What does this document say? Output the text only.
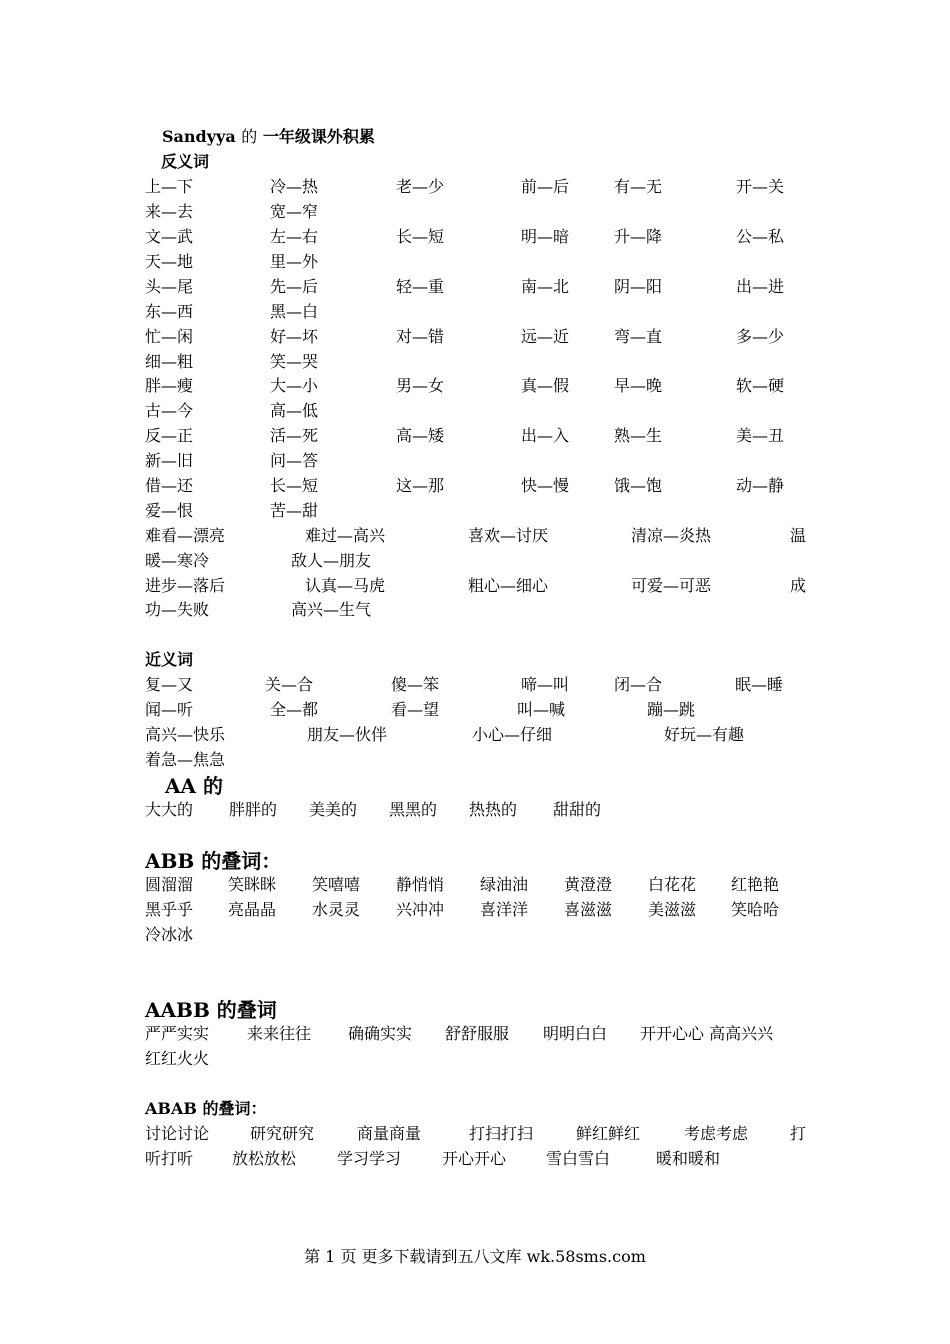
Sandyya 的 一年级课外积累
反义词
上—下	冷—热	老—少	前—后	有—无	开—关
来—去	宽—窄
文—武	左—右	长—短	明—暗	升—降	公—私
天—地	里—外
头—尾	先—后	轻—重	南—北	阴—阳	出—进
东—西	黑—白
忙—闲	好—坏	对—错	远—近	弯—直	多—少
细—粗	笑—哭
胖—瘦	大—小	男—女	真—假	早—晚	软—硬
古—今	高—低
反—正	活—死	高—矮	出—入	熟—生	美—丑
新—旧	问—答
借—还	长—短	这—那	快—慢	饿—饱	动—静
爱—恨	苦—甜
难看—漂亮	难过—高兴	喜欢—讨厌	清凉—炎热	温
暖—寒冷	敌人—朋友
进步—落后	认真—马虎	粗心—细心	可爱—可恶	成
功—失败	高兴—生气
近义词
复—又	关—合	傻—笨	啼—叫	闭—合	眠—睡
闻—听	全—都	看—望	叫—喊	蹦—跳
高兴—快乐	朋友—伙伴	小心—仔细	好玩—有趣
着急—焦急
AA 的
大大的 胖胖的 美美的 黑黑的 热热的 甜甜的
ABB 的叠词：
圆溜溜 笑眯眯 笑嘻嘻 静悄悄 绿油油 黄澄澄 白花花 红艳艳
黑乎乎 亮晶晶 水灵灵 兴冲冲 喜洋洋 喜滋滋 美滋滋 笑哈哈
冷冰冰
AABB 的叠词
严严实实 来来往往 确确实实 舒舒服服 明明白白 开开心心 高高兴兴
红红火火
ABAB 的叠词：
讨论讨论	研究研究	商量商量	打扫打扫	鲜红鲜红	考虑考虑	打
听打听 放松放松	学习学习	开心开心 雪白雪白	暖和暖和
第 1 页 更多下载请到五八文库 wk.58sms.com
